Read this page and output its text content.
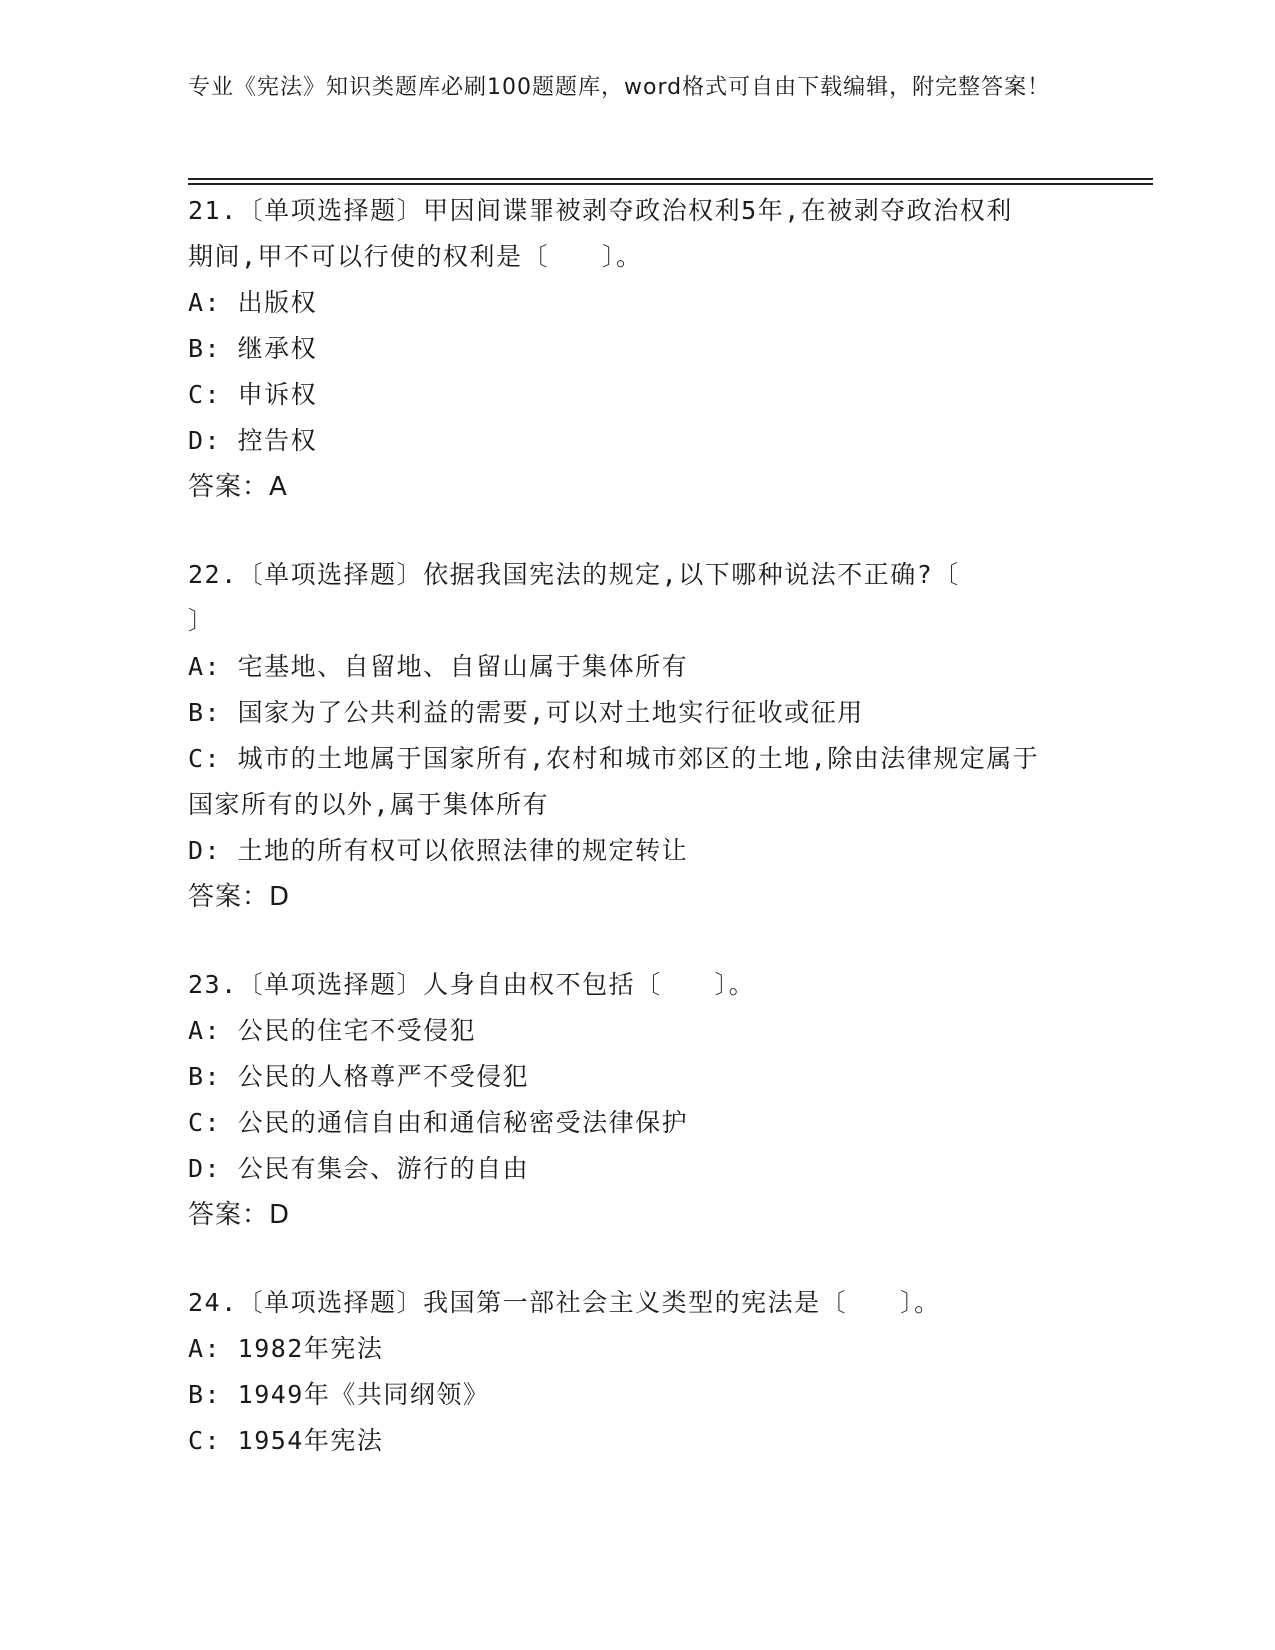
专业《宪法》知识类题库必刷100题题库，word格式可自由下载编辑，附完整答案！
21.〔单项选择题〕甲因间谍罪被剥夺政治权利5年,在被剥夺政治权利期间,甲不可以行使的权利是〔　　〕。
A: 出版权
B: 继承权
C: 申诉权
D: 控告权
答案：A
22.〔单项选择题〕依据我国宪法的规定,以下哪种说法不正确?〔　　〕
A: 宅基地、自留地、自留山属于集体所有
B: 国家为了公共利益的需要,可以对土地实行征收或征用
C: 城市的土地属于国家所有,农村和城市郊区的土地,除由法律规定属于国家所有的以外,属于集体所有
D: 土地的所有权可以依照法律的规定转让
答案：D
23.〔单项选择题〕人身自由权不包括〔　　〕。
A: 公民的住宅不受侵犯
B: 公民的人格尊严不受侵犯
C: 公民的通信自由和通信秘密受法律保护
D: 公民有集会、游行的自由
答案：D
24.〔单项选择题〕我国第一部社会主义类型的宪法是〔　　〕。
A: 1982年宪法
B: 1949年《共同纲领》
C: 1954年宪法
